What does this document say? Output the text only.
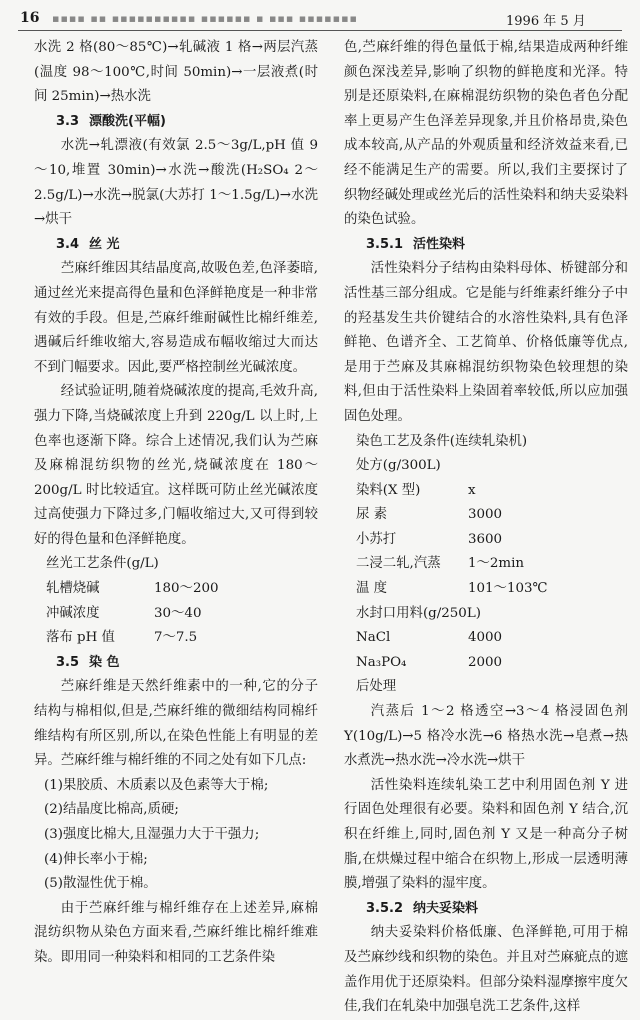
16 ▪▪▪▪ ▪▪ ▪▪▪▪▪▪▪▪▪▪ ▪▪▪▪▪▪ ▪ ▪▪▪ ▪▪▪▪▪▪▪	1996 年 5 月

水洗 2 格(80～85℃)→轧碱液 1 格→两层汽蒸(温度 98～100℃,时间 50min)→一层液煮(时间 25min)→热水洗

3.3 漂酸洗(平幅)

水洗→轧漂液(有效氯 2.5～3g/L,pH 值 9～10,堆置 30min)→水洗→酸洗(H₂SO₄ 2～2.5g/L)→水洗→脱氯(大苏打 1～1.5g/L)→水洗→烘干

3.4 丝 光

苎麻纤维因其结晶度高,故吸色差,色泽萎暗,通过丝光来提高得色量和色泽鲜艳度是一种非常有效的手段。但是,苎麻纤维耐碱性比棉纤维差,遇碱后纤维收缩大,容易造成布幅收缩过大而达不到门幅要求。因此,要严格控制丝光碱浓度。

经试验证明,随着烧碱浓度的提高,毛效升高,强力下降,当烧碱浓度上升到 220g/L 以上时,上色率也逐渐下降。综合上述情况,我们认为苎麻及麻棉混纺织物的丝光,烧碱浓度在 180～200g/L 时比较适宜。这样既可防止丝光碱浓度过高使强力下降过多,门幅收缩过大,又可得到较好的得色量和色泽鲜艳度。

丝光工艺条件(g/L)

轧槽烧碱	180～200
冲碱浓度	30～40
落布 pH 值	7～7.5

3.5 染 色

苎麻纤维是天然纤维素中的一种,它的分子结构与棉相似,但是,苎麻纤维的微细结构同棉纤维结构有所区别,所以,在染色性能上有明显的差异。苎麻纤维与棉纤维的不同之处有如下几点:

(1)果胶质、木质素以及色素等大于棉;

(2)结晶度比棉高,质硬;

(3)强度比棉大,且湿强力大于干强力;

(4)伸长率小于棉;

(5)散湿性优于棉。

由于苎麻纤维与棉纤维存在上述差异,麻棉混纺织物从染色方面来看,苎麻纤维比棉纤维难染。即用同一种染料和相同的工艺条件染

色,苎麻纤维的得色量低于棉,结果造成两种纤维颜色深浅差异,影响了织物的鲜艳度和光泽。特别是还原染料,在麻棉混纺织物的染色者色分配率上更易产生色泽差异现象,并且价格昂贵,染色成本较高,从产品的外观质量和经济效益来看,已经不能满足生产的需要。所以,我们主要探讨了织物经碱处理或丝光后的活性染料和纳夫妥染料的染色试验。

3.5.1 活性染料

活性染料分子结构由染料母体、桥键部分和活性基三部分组成。它是能与纤维素纤维分子中的羟基发生共价键结合的水溶性染料,具有色泽鲜艳、色谱齐全、工艺简单、价格低廉等优点,是用于苎麻及其麻棉混纺织物染色较理想的染料,但由于活性染料上染固着率较低,所以应加强固色处理。

染色工艺及条件(连续轧染机)

处方(g/300L)

染料(X 型)	x
尿 素	3000
小苏打	3600
二浸二轧,汽蒸	1～2min
温 度	101～103℃

水封口用料(g/250L)

NaCl	4000
Na₃PO₄	2000

后处理

汽蒸后 1～2 格透空→3～4 格浸固色剂 Y(10g/L)→5 格冷水洗→6 格热水洗→皂煮→热水煮洗→热水洗→冷水洗→烘干

活性染料连续轧染工艺中利用固色剂 Y 进行固色处理很有必要。染料和固色剂 Y 结合,沉积在纤维上,同时,固色剂 Y 又是一种高分子树脂,在烘燥过程中缩合在织物上,形成一层透明薄膜,增强了染料的湿牢度。

3.5.2 纳夫妥染料

纳夫妥染料价格低廉、色泽鲜艳,可用于棉及苎麻纱线和织物的染色。并且对苎麻疵点的遮盖作用优于还原染料。但部分染料湿摩擦牢度欠佳,我们在轧染中加强皂洗工艺条件,这样
